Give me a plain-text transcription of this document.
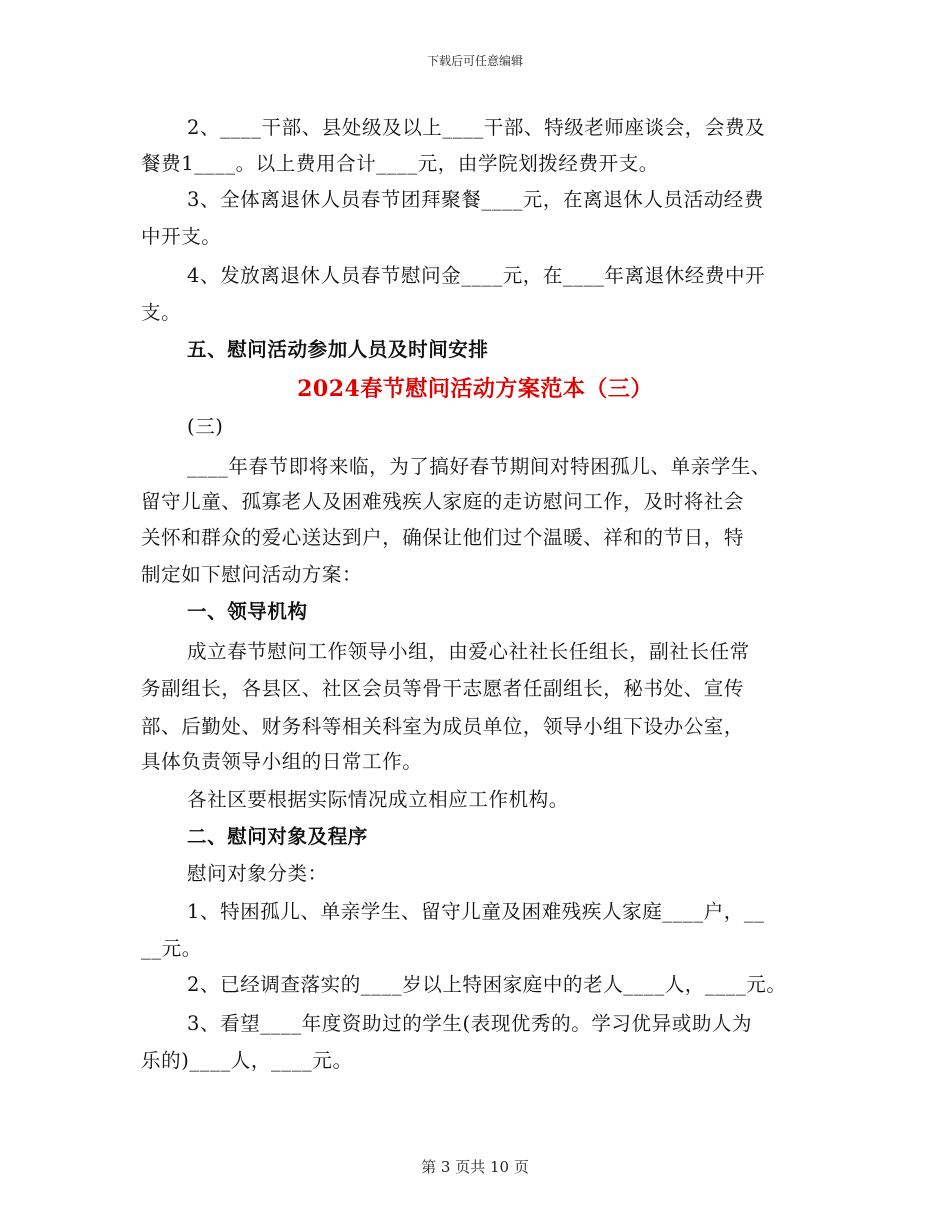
下载后可任意编辑
2、____干部、县处级及以上____干部、特级老师座谈会，会费及
餐费1____。以上费用合计____元，由学院划拨经费开支。
3、全体离退休人员春节团拜聚餐____元，在离退休人员活动经费
中开支。
4、发放离退休人员春节慰问金____元，在____年离退休经费中开
支。
五、慰问活动参加人员及时间安排
2024春节慰问活动方案范本（三）
(三)
____年春节即将来临，为了搞好春节期间对特困孤儿、单亲学生、
留守儿童、孤寡老人及困难残疾人家庭的走访慰问工作，及时将社会
关怀和群众的爱心送达到户，确保让他们过个温暖、祥和的节日，特
制定如下慰问活动方案：
一、领导机构
成立春节慰问工作领导小组，由爱心社社长任组长，副社长任常
务副组长，各县区、社区会员等骨干志愿者任副组长，秘书处、宣传
部、后勤处、财务科等相关科室为成员单位，领导小组下设办公室，
具体负责领导小组的日常工作。
各社区要根据实际情况成立相应工作机构。
二、慰问对象及程序
慰问对象分类：
1、特困孤儿、单亲学生、留守儿童及困难残疾人家庭____户，__
__元。
2、已经调查落实的____岁以上特困家庭中的老人____人，____元。
3、看望____年度资助过的学生(表现优秀的。学习优异或助人为
乐的)____人，____元。
第 3 页共 10 页
